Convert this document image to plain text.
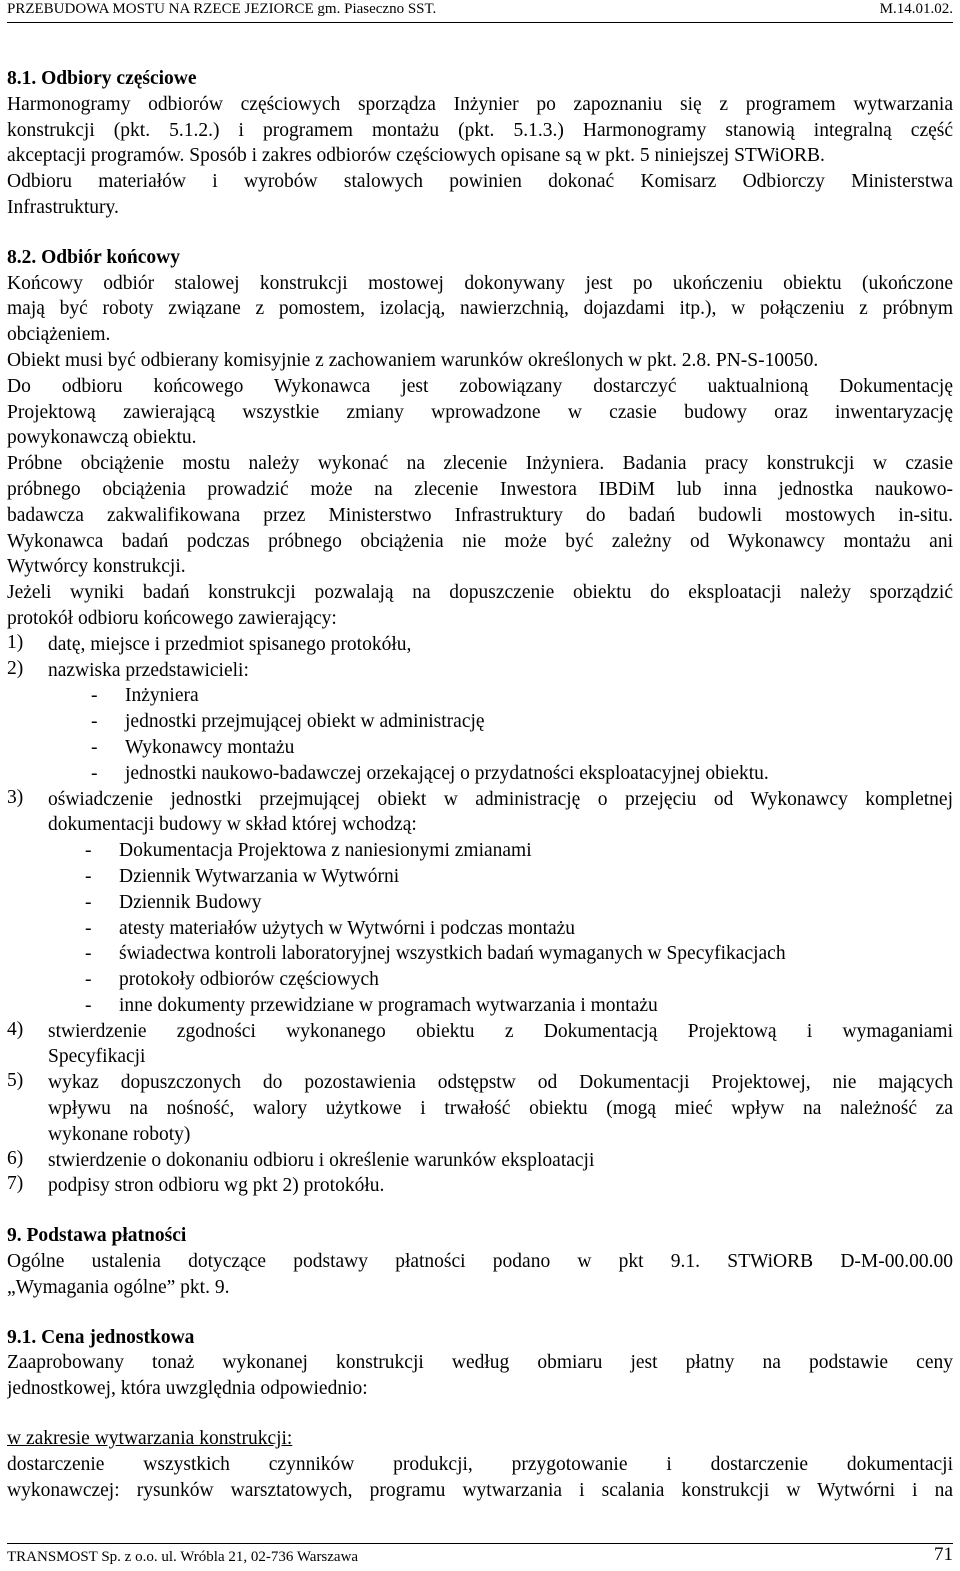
PRZEBUDOWA MOSTU NA RZECE JEZIORCE gm. Piaseczno SST.	M.14.01.02.
8.1. Odbiory częściowe
Harmonogramy odbiorów częściowych sporządza Inżynier po zapoznaniu się z programem wytwarzania
konstrukcji (pkt. 5.1.2.) i programem montażu (pkt. 5.1.3.) Harmonogramy stanowią integralną część
akceptacji programów. Sposób i zakres odbiorów częściowych opisane są w pkt. 5 niniejszej STWiORB.
Odbioru materiałów i wyrobów stalowych powinien dokonać Komisarz Odbiorczy Ministerstwa
Infrastruktury.
8.2. Odbiór końcowy
Końcowy odbiór stalowej konstrukcji mostowej dokonywany jest po ukończeniu obiektu (ukończone
mają być roboty związane z pomostem, izolacją, nawierzchnią, dojazdami itp.), w połączeniu z próbnym
obciążeniem.
Obiekt musi być odbierany komisyjnie z zachowaniem warunków określonych w pkt. 2.8. PN-S-10050.
Do odbioru końcowego Wykonawca jest zobowiązany dostarczyć uaktualnioną Dokumentację
Projektową zawierającą wszystkie zmiany wprowadzone w czasie budowy oraz inwentaryzację
powykonawczą obiektu.
Próbne obciążenie mostu należy wykonać na zlecenie Inżyniera. Badania pracy konstrukcji w czasie
próbnego obciążenia prowadzić może na zlecenie Inwestora IBDiM lub inna jednostka naukowo-
badawcza zakwalifikowana przez Ministerstwo Infrastruktury do badań budowli mostowych in-situ.
Wykonawca badań podczas próbnego obciążenia nie może być zależny od Wykonawcy montażu ani
Wytwórcy konstrukcji.
Jeżeli wyniki badań konstrukcji pozwalają na dopuszczenie obiektu do eksploatacji należy sporządzić
protokół odbioru końcowego zawierający:
1)	datę, miejsce i przedmiot spisanego protokółu,
2)	nazwiska przedstawicieli:
- Inżyniera
- jednostki przejmującej obiekt w administrację
- Wykonawcy montażu
- jednostki naukowo-badawczej orzekającej o przydatności eksploatacyjnej obiektu.
3)	oświadczenie jednostki przejmującej obiekt w administrację o przejęciu od Wykonawcy kompletnej
dokumentacji budowy w skład której wchodzą:
- Dokumentacja Projektowa z naniesionymi zmianami
- Dziennik Wytwarzania w Wytwórni
- Dziennik Budowy
- atesty materiałów użytych w Wytwórni i podczas montażu
- świadectwa kontroli laboratoryjnej wszystkich badań wymaganych w Specyfikacjach
- protokoły odbiorów częściowych
- inne dokumenty przewidziane w programach wytwarzania i montażu
4)	stwierdzenie zgodności wykonanego obiektu z Dokumentacją Projektową i wymaganiami
Specyfikacji
5)	wykaz dopuszczonych do pozostawienia odstępstw od Dokumentacji Projektowej, nie mających
wpływu na nośność, walory użytkowe i trwałość obiektu (mogą mieć wpływ na należność za
wykonane roboty)
6)	stwierdzenie o dokonaniu odbioru i określenie warunków eksploatacji
7)	podpisy stron odbioru wg pkt 2) protokółu.
9. Podstawa płatności
Ogólne ustalenia dotyczące podstawy płatności podano w pkt 9.1. STWiORB D-M-00.00.00
„Wymagania ogólne” pkt. 9.
9.1. Cena jednostkowa
Zaaprobowany tonaż wykonanej konstrukcji według obmiaru jest płatny na podstawie ceny
jednostkowej, która uwzględnia odpowiednio:
w zakresie wytwarzania konstrukcji:
dostarczenie wszystkich czynników produkcji, przygotowanie i dostarczenie dokumentacji
wykonawczej: rysunków warsztatowych, programu wytwarzania i scalania konstrukcji w Wytwórni i na
TRANSMOST Sp. z o.o. ul. Wróbla 21, 02-736 Warszawa	71
